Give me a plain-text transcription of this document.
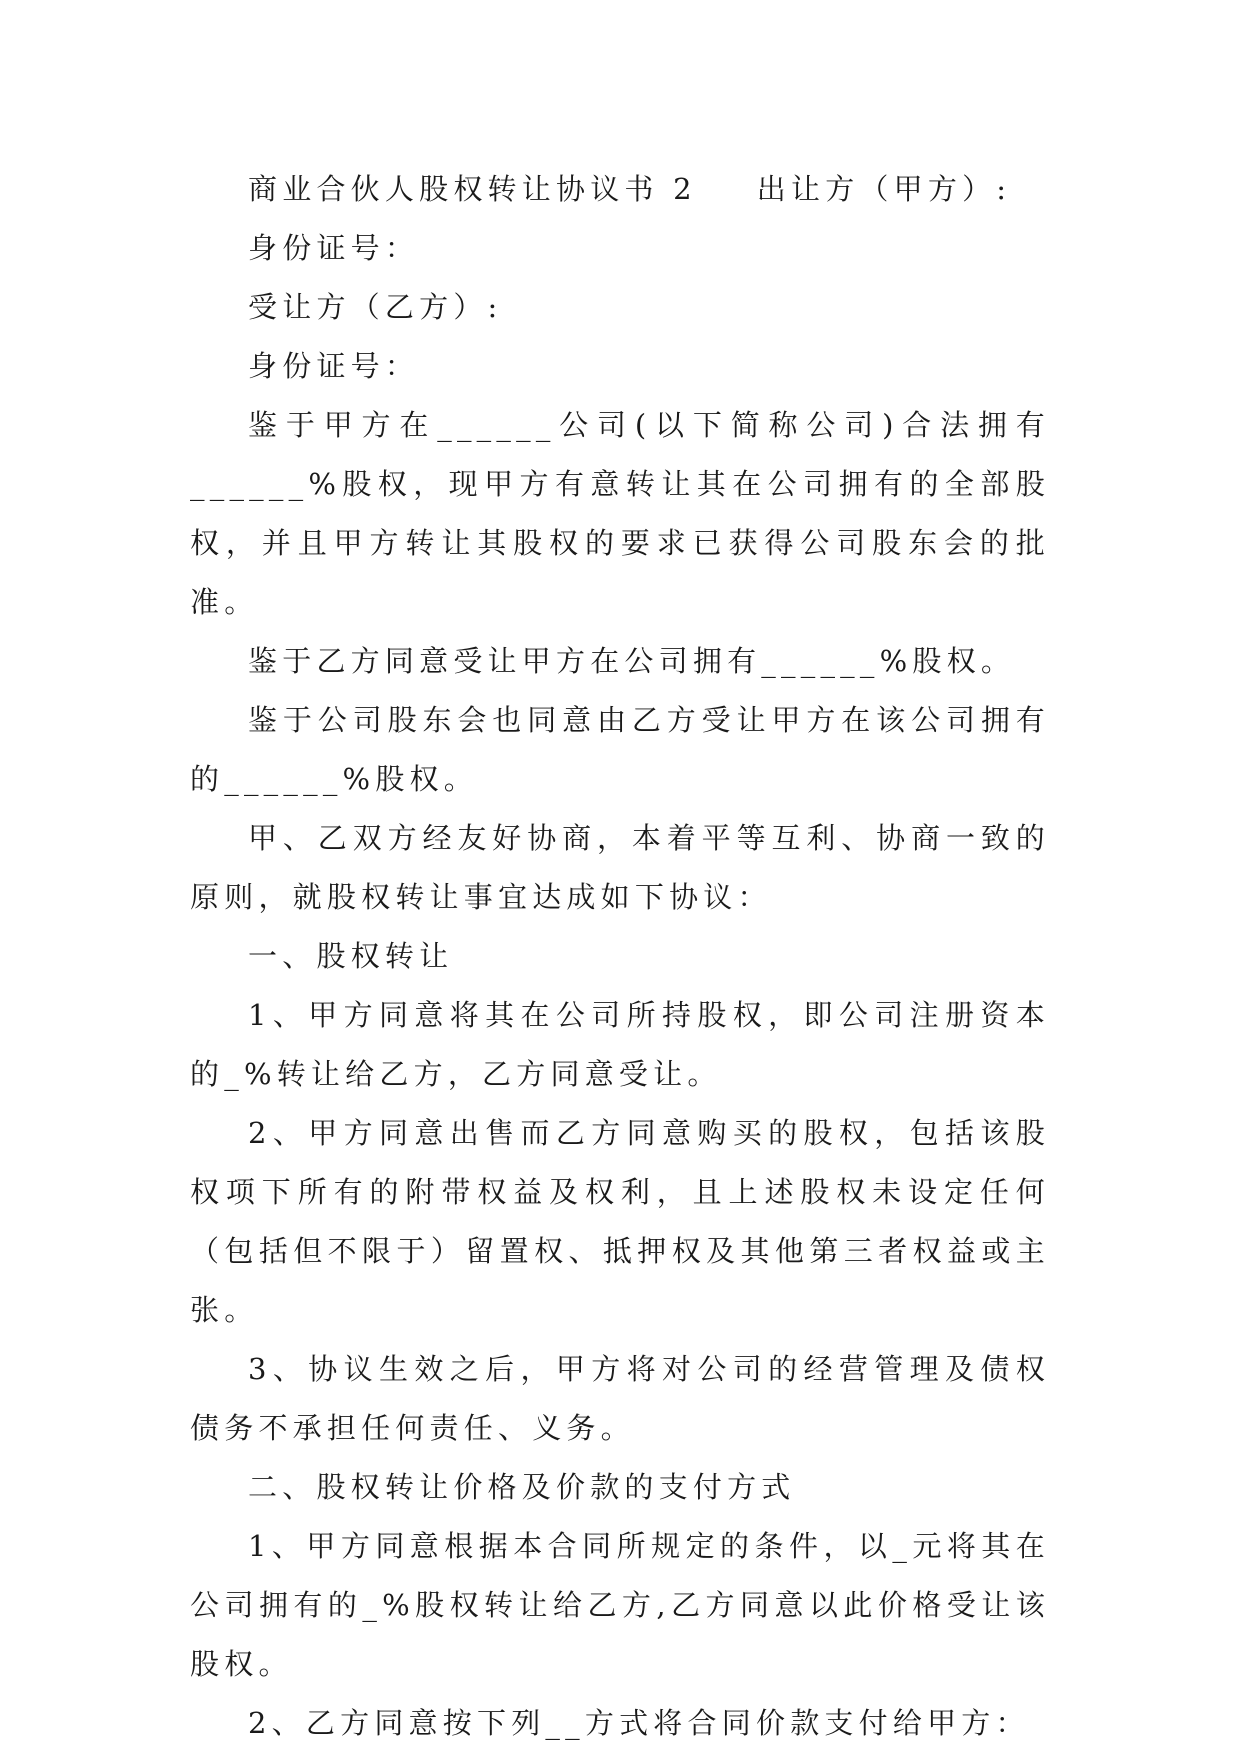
商业合伙人股权转让协议书 2 出让方（甲方）:

身份证号：

受让方（乙方）:

身份证号：

鉴于甲方在______公司(以下简称公司)合法拥有______%股权，现甲方有意转让其在公司拥有的全部股权，并且甲方转让其股权的要求已获得公司股东会的批准。

鉴于乙方同意受让甲方在公司拥有______%股权。

鉴于公司股东会也同意由乙方受让甲方在该公司拥有的______%股权。

甲、乙双方经友好协商，本着平等互利、协商一致的原则，就股权转让事宜达成如下协议：

一、股权转让

1、甲方同意将其在公司所持股权，即公司注册资本的_%转让给乙方，乙方同意受让。

2、甲方同意出售而乙方同意购买的股权，包括该股权项下所有的附带权益及权利，且上述股权未设定任何（包括但不限于）留置权、抵押权及其他第三者权益或主张。

3、协议生效之后，甲方将对公司的经营管理及债权债务不承担任何责任、义务。

二、股权转让价格及价款的支付方式

1、甲方同意根据本合同所规定的条件，以_元将其在公司拥有的_%股权转让给乙方,乙方同意以此价格受让该股权。

2、乙方同意按下列__方式将合同价款支付给甲方：
